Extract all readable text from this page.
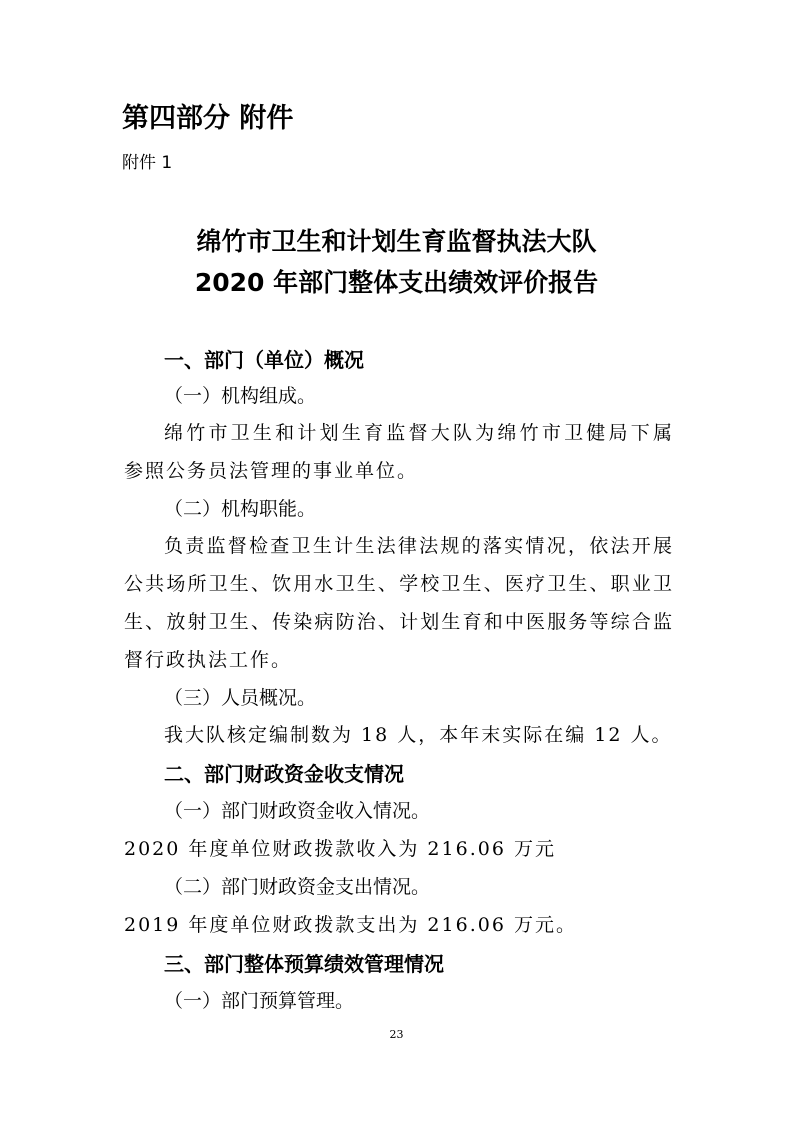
第四部分 附件
附件 1
绵竹市卫生和计划生育监督执法大队
2020 年部门整体支出绩效评价报告
一、部门（单位）概况
（一）机构组成。
绵竹市卫生和计划生育监督大队为绵竹市卫健局下属
参照公务员法管理的事业单位。
（二）机构职能。
负责监督检查卫生计生法律法规的落实情况，依法开展
公共场所卫生、饮用水卫生、学校卫生、医疗卫生、职业卫
生、放射卫生、传染病防治、计划生育和中医服务等综合监
督行政执法工作。
（三）人员概况。
我大队核定编制数为 18 人，本年末实际在编 12 人。
二、部门财政资金收支情况
（一）部门财政资金收入情况。
2020 年度单位财政拨款收入为 216.06 万元
（二）部门财政资金支出情况。
2019 年度单位财政拨款支出为 216.06 万元。
三、部门整体预算绩效管理情况
（一）部门预算管理。
23
